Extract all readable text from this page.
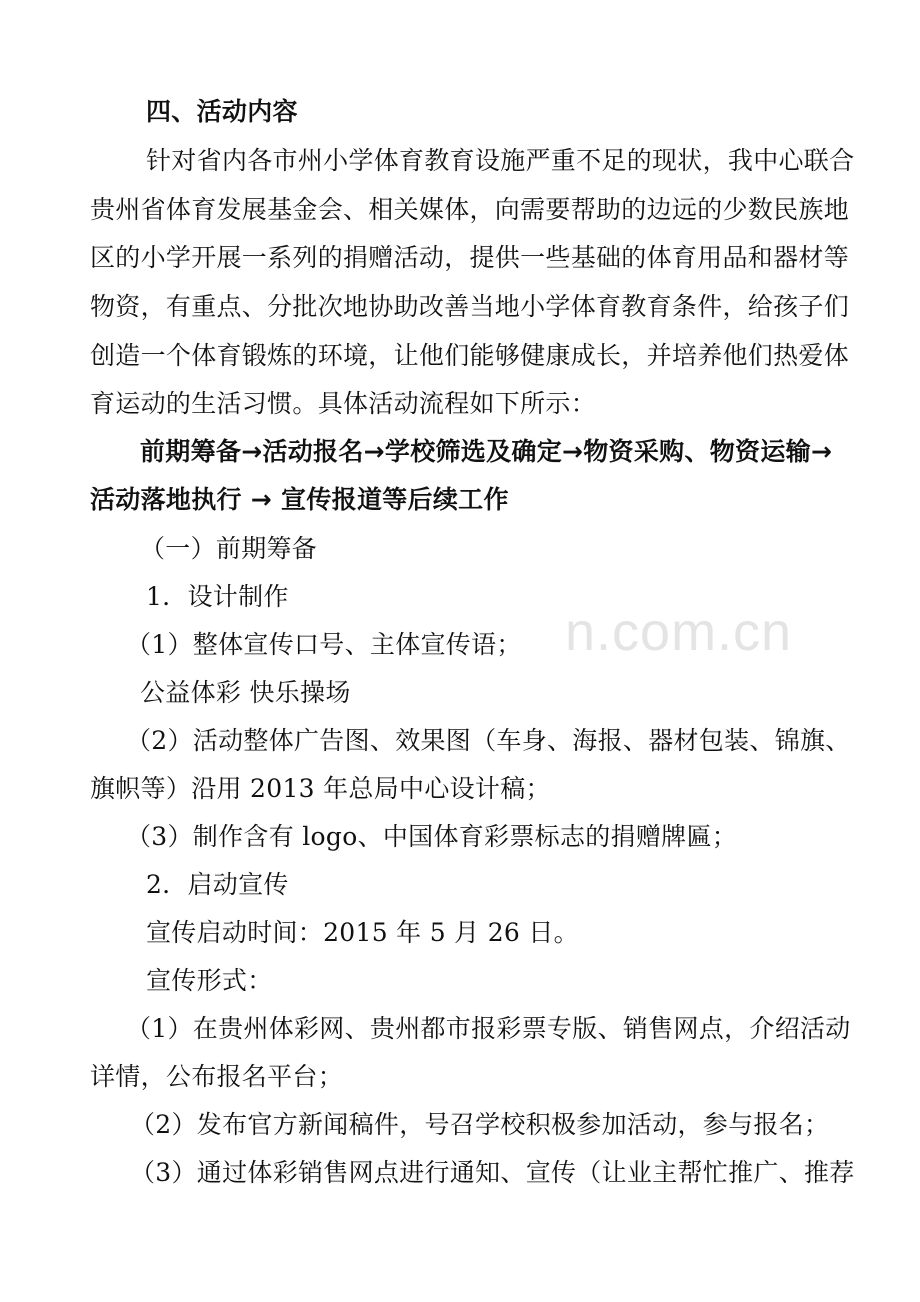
n.com.cn
四、活动内容
针对省内各市州小学体育教育设施严重不足的现状，我中心联合
贵州省体育发展基金会、相关媒体，向需要帮助的边远的少数民族地
区的小学开展一系列的捐赠活动，提供一些基础的体育用品和器材等
物资，有重点、分批次地协助改善当地小学体育教育条件，给孩子们
创造一个体育锻炼的环境，让他们能够健康成长，并培养他们热爱体
育运动的生活习惯。具体活动流程如下所示：
前期筹备→活动报名→学校筛选及确定→物资采购、物资运输→
活动落地执行 → 宣传报道等后续工作
（一）前期筹备
1．设计制作
（1）整体宣传口号、主体宣传语；
公益体彩 快乐操场
（2）活动整体广告图、效果图（车身、海报、器材包装、锦旗、
旗帜等）沿用 2013 年总局中心设计稿；
（3）制作含有 logo、中国体育彩票标志的捐赠牌匾；
2．启动宣传
宣传启动时间：2015 年 5 月 26 日。
宣传形式：
（1）在贵州体彩网、贵州都市报彩票专版、销售网点，介绍活动
详情，公布报名平台；
（2）发布官方新闻稿件，号召学校积极参加活动，参与报名；
（3）通过体彩销售网点进行通知、宣传（让业主帮忙推广、推荐
